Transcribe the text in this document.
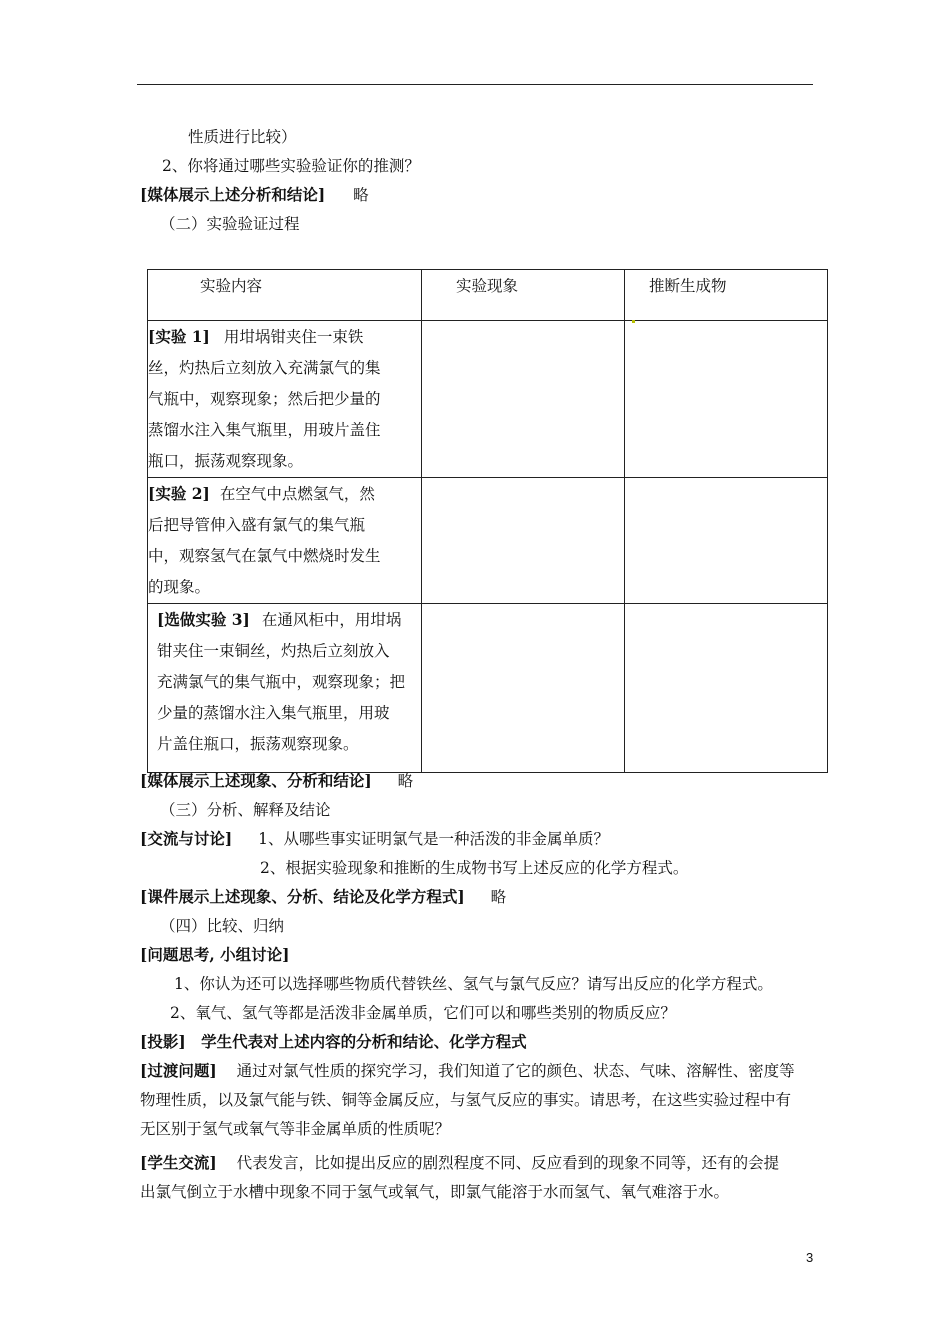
性质进行比较）
2、你将通过哪些实验验证你的推测？
[媒体展示上述分析和结论] 略
（二）实验验证过程
实验内容	实验现象	推断生成物

[实验 1] 用坩埚钳夹住一束铁
丝，灼热后立刻放入充满氯气的集
气瓶中，观察现象；然后把少量的
蒸馏水注入集气瓶里，用玻片盖住
瓶口，振荡观察现象。		

[实验 2] 在空气中点燃氢气，然
后把导管伸入盛有氯气的集气瓶
中，观察氢气在氯气中燃烧时发生
的现象。		

[选做实验 3] 在通风柜中，用坩埚
钳夹住一束铜丝，灼热后立刻放入
充满氯气的集气瓶中，观察现象；把
少量的蒸馏水注入集气瓶里，用玻
片盖住瓶口，振荡观察现象。		

[媒体展示上述现象、分析和结论] 略
（三）分析、解释及结论
[交流与讨论] 1、从哪些事实证明氯气是一种活泼的非金属单质？
2、根据实验现象和推断的生成物书写上述反应的化学方程式。
[课件展示上述现象、分析、结论及化学方程式] 略
（四）比较、归纳
[问题思考, 小组讨论]
1、你认为还可以选择哪些物质代替铁丝、氢气与氯气反应？请写出反应的化学方程式。
2、氧气、氢气等都是活泼非金属单质，它们可以和哪些类别的物质反应？
[投影]　学生代表对上述内容的分析和结论、化学方程式
[过渡问题] 通过对氯气性质的探究学习，我们知道了它的颜色、状态、气味、溶解性、密度等
物理性质，以及氯气能与铁、铜等金属反应，与氢气反应的事实。请思考，在这些实验过程中有
无区别于氢气或氧气等非金属单质的性质呢？
[学生交流] 代表发言，比如提出反应的剧烈程度不同、反应看到的现象不同等，还有的会提
出氯气倒立于水槽中现象不同于氢气或氧气，即氯气能溶于水而氢气、氧气难溶于水。
3
